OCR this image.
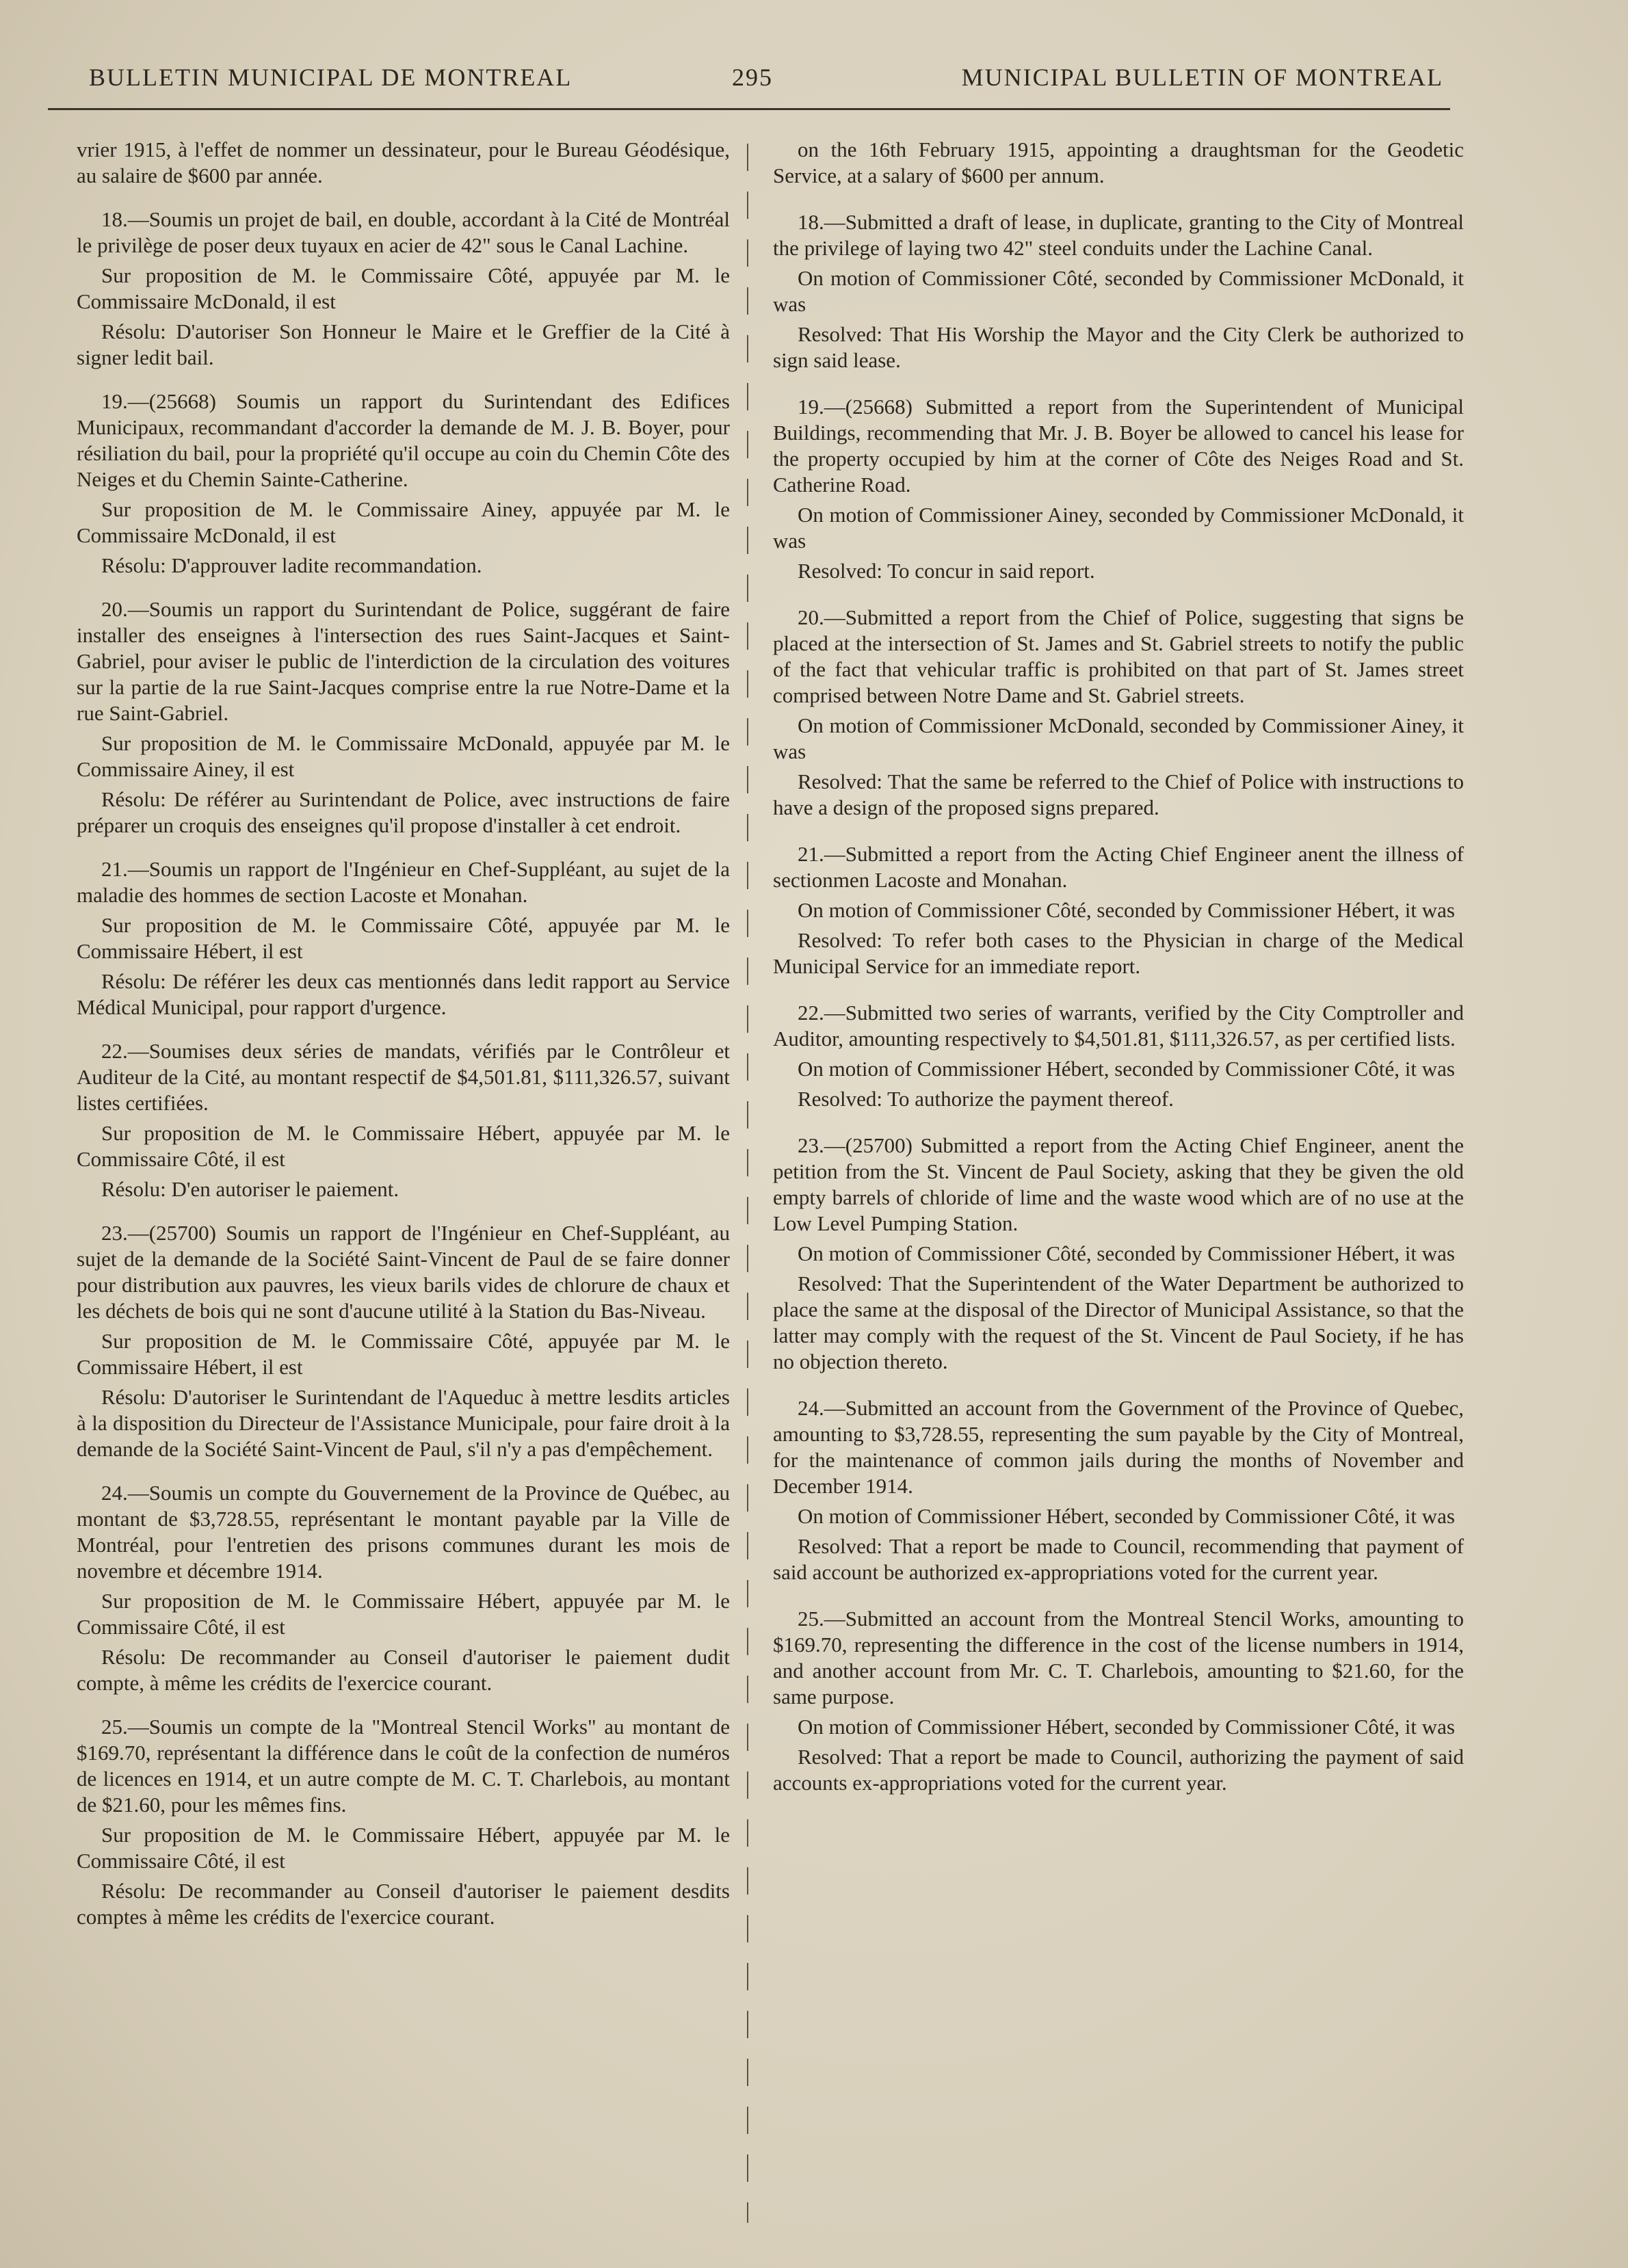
BULLETIN MUNICIPAL DE MONTREAL	295	MUNICIPAL BULLETIN OF MONTREAL

vrier 1915, à l'effet de nommer un dessinateur, pour le Bureau Géodésique, au salaire de $600 par année.

18.—Soumis un projet de bail, en double, accordant à la Cité de Montréal le privilège de poser deux tuyaux en acier de 42" sous le Canal Lachine.

Sur proposition de M. le Commissaire Côté, appuyée par M. le Commissaire McDonald, il est

Résolu: D'autoriser Son Honneur le Maire et le Greffier de la Cité à signer ledit bail.

19.—(25668) Soumis un rapport du Surintendant des Edifices Municipaux, recommandant d'accorder la demande de M. J. B. Boyer, pour résiliation du bail, pour la propriété qu'il occupe au coin du Chemin Côte des Neiges et du Chemin Sainte-Catherine.

Sur proposition de M. le Commissaire Ainey, appuyée par M. le Commissaire McDonald, il est

Résolu: D'approuver ladite recommandation.

20.—Soumis un rapport du Surintendant de Police, suggérant de faire installer des enseignes à l'intersection des rues Saint-Jacques et Saint-Gabriel, pour aviser le public de l'interdiction de la circulation des voitures sur la partie de la rue Saint-Jacques comprise entre la rue Notre-Dame et la rue Saint-Gabriel.

Sur proposition de M. le Commissaire McDonald, appuyée par M. le Commissaire Ainey, il est

Résolu: De référer au Surintendant de Police, avec instructions de faire préparer un croquis des enseignes qu'il propose d'installer à cet endroit.

21.—Soumis un rapport de l'Ingénieur en Chef-Suppléant, au sujet de la maladie des hommes de section Lacoste et Monahan.

Sur proposition de M. le Commissaire Côté, appuyée par M. le Commissaire Hébert, il est

Résolu: De référer les deux cas mentionnés dans ledit rapport au Service Médical Municipal, pour rapport d'urgence.

22.—Soumises deux séries de mandats, vérifiés par le Contrôleur et Auditeur de la Cité, au montant respectif de $4,501.81, $111,326.57, suivant listes certifiées.

Sur proposition de M. le Commissaire Hébert, appuyée par M. le Commissaire Côté, il est

Résolu: D'en autoriser le paiement.

23.—(25700) Soumis un rapport de l'Ingénieur en Chef-Suppléant, au sujet de la demande de la Société Saint-Vincent de Paul de se faire donner pour distribution aux pauvres, les vieux barils vides de chlorure de chaux et les déchets de bois qui ne sont d'aucune utilité à la Station du Bas-Niveau.

Sur proposition de M. le Commissaire Côté, appuyée par M. le Commissaire Hébert, il est

Résolu: D'autoriser le Surintendant de l'Aqueduc à mettre lesdits articles à la disposition du Directeur de l'Assistance Municipale, pour faire droit à la demande de la Société Saint-Vincent de Paul, s'il n'y a pas d'empêchement.

24.—Soumis un compte du Gouvernement de la Province de Québec, au montant de $3,728.55, représentant le montant payable par la Ville de Montréal, pour l'entretien des prisons communes durant les mois de novembre et décembre 1914.

Sur proposition de M. le Commissaire Hébert, appuyée par M. le Commissaire Côté, il est

Résolu: De recommander au Conseil d'autoriser le paiement dudit compte, à même les crédits de l'exercice courant.

25.—Soumis un compte de la "Montreal Stencil Works" au montant de $169.70, représentant la différence dans le coût de la confection de numéros de licences en 1914, et un autre compte de M. C. T. Charlebois, au montant de $21.60, pour les mêmes fins.

Sur proposition de M. le Commissaire Hébert, appuyée par M. le Commissaire Côté, il est

Résolu: De recommander au Conseil d'autoriser le paiement desdits comptes à même les crédits de l'exercice courant.

on the 16th February 1915, appointing a draughtsman for the Geodetic Service, at a salary of $600 per annum.

18.—Submitted a draft of lease, in duplicate, granting to the City of Montreal the privilege of laying two 42" steel conduits under the Lachine Canal.

On motion of Commissioner Côté, seconded by Commissioner McDonald, it was

Resolved: That His Worship the Mayor and the City Clerk be authorized to sign said lease.

19.—(25668) Submitted a report from the Superintendent of Municipal Buildings, recommending that Mr. J. B. Boyer be allowed to cancel his lease for the property occupied by him at the corner of Côte des Neiges Road and St. Catherine Road.

On motion of Commissioner Ainey, seconded by Commissioner McDonald, it was

Resolved: To concur in said report.

20.—Submitted a report from the Chief of Police, suggesting that signs be placed at the intersection of St. James and St. Gabriel streets to notify the public of the fact that vehicular traffic is prohibited on that part of St. James street comprised between Notre Dame and St. Gabriel streets.

On motion of Commissioner McDonald, seconded by Commissioner Ainey, it was

Resolved: That the same be referred to the Chief of Police with instructions to have a design of the proposed signs prepared.

21.—Submitted a report from the Acting Chief Engineer anent the illness of sectionmen Lacoste and Monahan.

On motion of Commissioner Côté, seconded by Commissioner Hébert, it was

Resolved: To refer both cases to the Physician in charge of the Medical Municipal Service for an immediate report.

22.—Submitted two series of warrants, verified by the City Comptroller and Auditor, amounting respectively to $4,501.81, $111,326.57, as per certified lists.

On motion of Commissioner Hébert, seconded by Commissioner Côté, it was

Resolved: To authorize the payment thereof.

23.—(25700) Submitted a report from the Acting Chief Engineer, anent the petition from the St. Vincent de Paul Society, asking that they be given the old empty barrels of chloride of lime and the waste wood which are of no use at the Low Level Pumping Station.

On motion of Commissioner Côté, seconded by Commissioner Hébert, it was

Resolved: That the Superintendent of the Water Department be authorized to place the same at the disposal of the Director of Municipal Assistance, so that the latter may comply with the request of the St. Vincent de Paul Society, if he has no objection thereto.

24.—Submitted an account from the Government of the Province of Quebec, amounting to $3,728.55, representing the sum payable by the City of Montreal, for the maintenance of common jails during the months of November and December 1914.

On motion of Commissioner Hébert, seconded by Commissioner Côté, it was

Resolved: That a report be made to Council, recommending that payment of said account be authorized ex-appropriations voted for the current year.

25.—Submitted an account from the Montreal Stencil Works, amounting to $169.70, representing the difference in the cost of the license numbers in 1914, and another account from Mr. C. T. Charlebois, amounting to $21.60, for the same purpose.

On motion of Commissioner Hébert, seconded by Commissioner Côté, it was

Resolved: That a report be made to Council, authorizing the payment of said accounts ex-appropriations voted for the current year.
